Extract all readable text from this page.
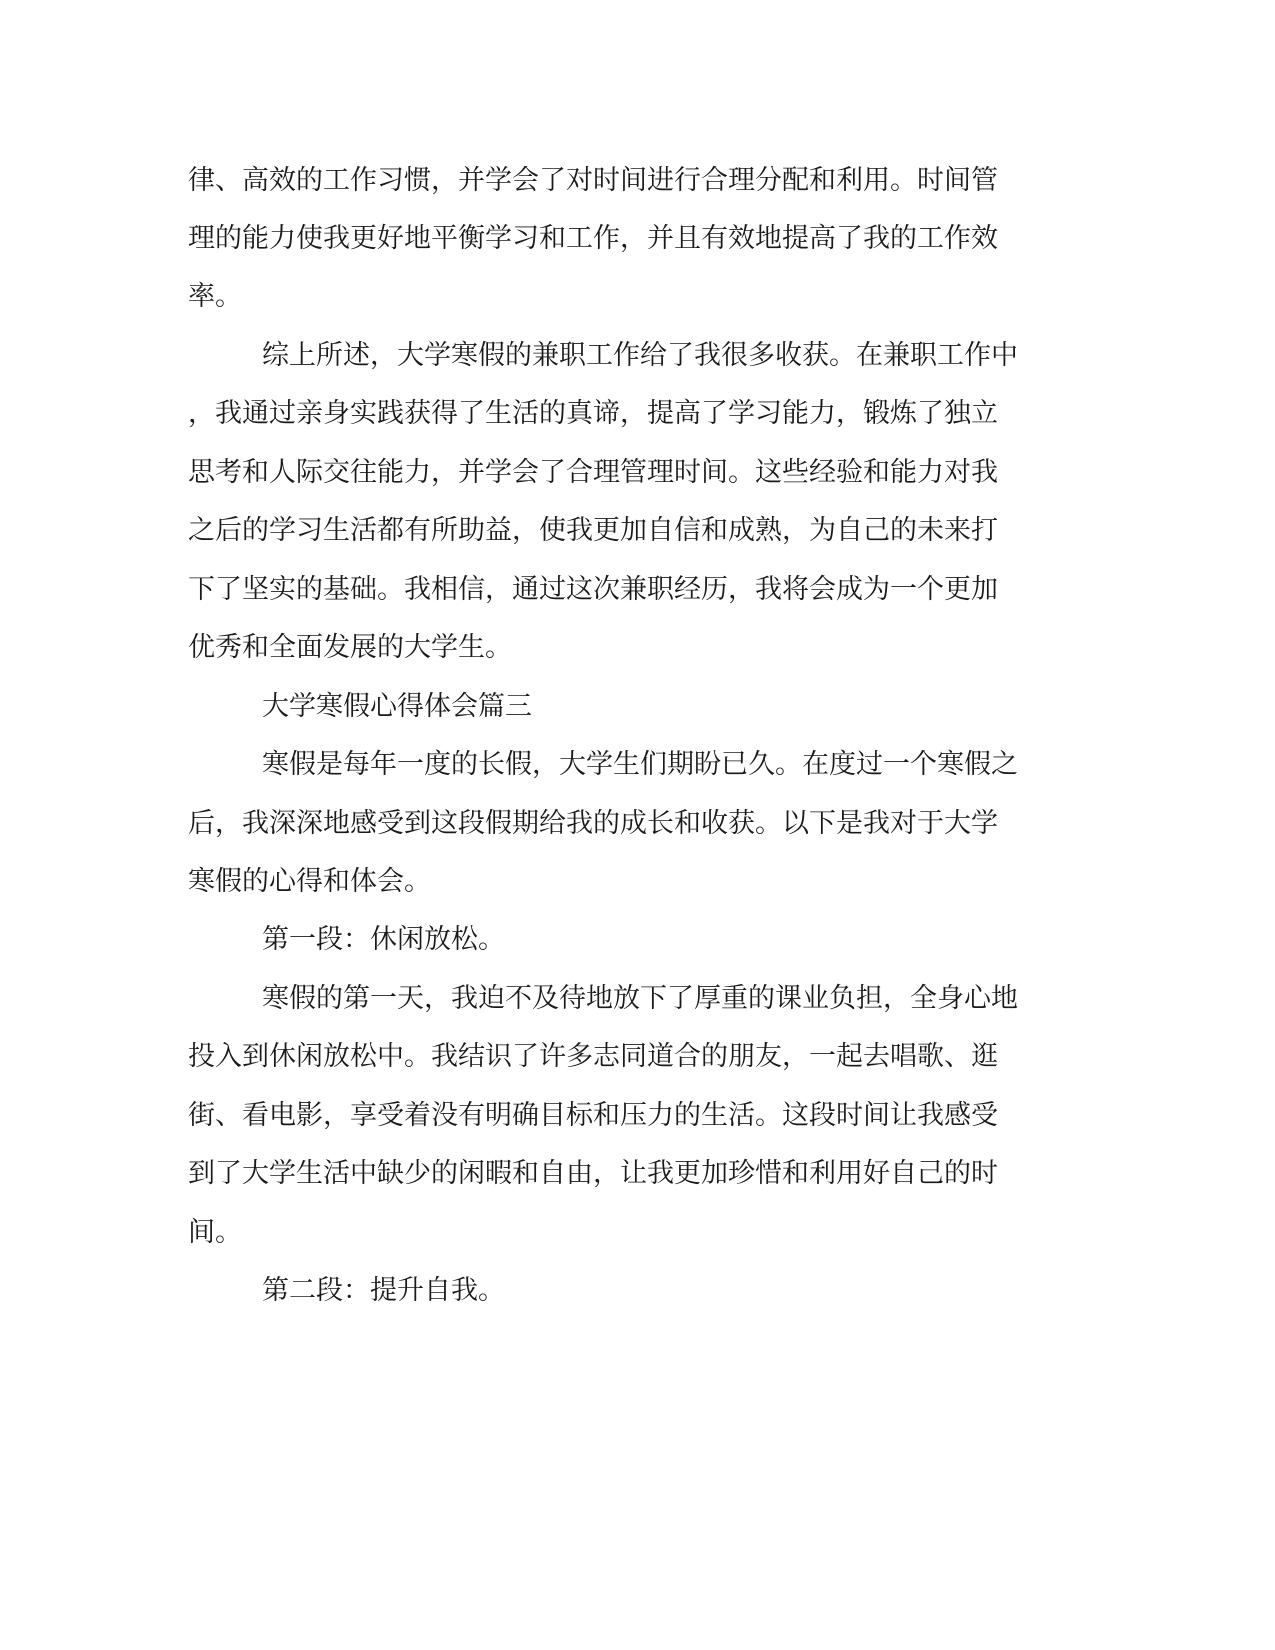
律、高效的工作习惯，并学会了对时间进行合理分配和利用。时间管
理的能力使我更好地平衡学习和工作，并且有效地提高了我的工作效
率。
综上所述，大学寒假的兼职工作给了我很多收获。在兼职工作中
，我通过亲身实践获得了生活的真谛，提高了学习能力，锻炼了独立
思考和人际交往能力，并学会了合理管理时间。这些经验和能力对我
之后的学习生活都有所助益，使我更加自信和成熟，为自己的未来打
下了坚实的基础。我相信，通过这次兼职经历，我将会成为一个更加
优秀和全面发展的大学生。
大学寒假心得体会篇三
寒假是每年一度的长假，大学生们期盼已久。在度过一个寒假之
后，我深深地感受到这段假期给我的成长和收获。以下是我对于大学
寒假的心得和体会。
第一段：休闲放松。
寒假的第一天，我迫不及待地放下了厚重的课业负担，全身心地
投入到休闲放松中。我结识了许多志同道合的朋友，一起去唱歌、逛
街、看电影，享受着没有明确目标和压力的生活。这段时间让我感受
到了大学生活中缺少的闲暇和自由，让我更加珍惜和利用好自己的时
间。
第二段：提升自我。
